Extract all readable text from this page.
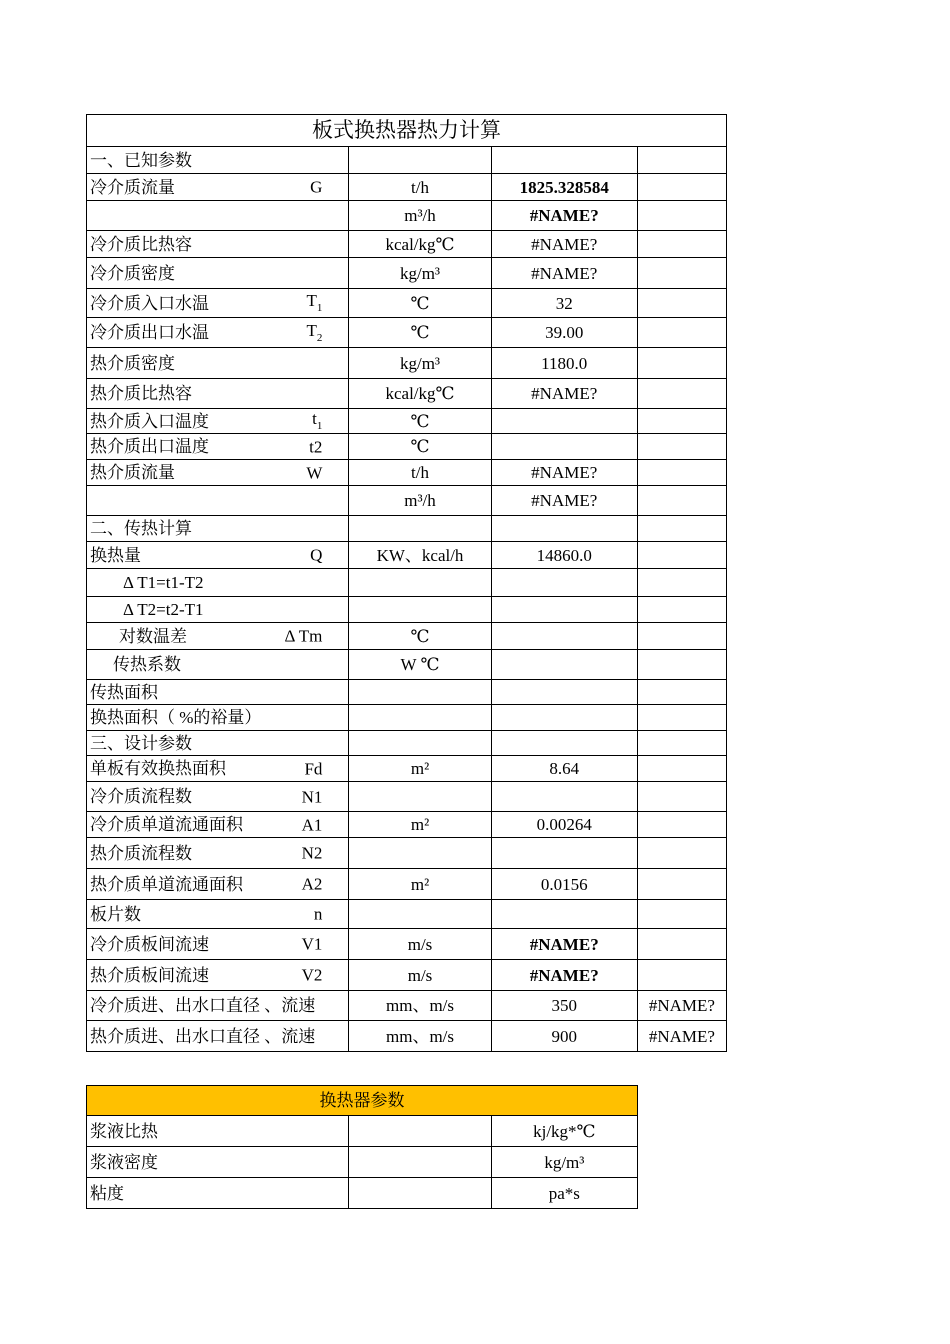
板式换热器热力计算			
一、已知参数			
冷介质流量 G	t/h	1825.328584	
	m³/h	#NAME?	
冷介质比热容	kcal/kg℃	#NAME?	
冷介质密度	kg/m³	#NAME?	
冷介质入口水温 $T_1$	℃	32	
冷介质出口水温 $T_2$	℃	39.00	
热介质密度	kg/m³	1180.0	
热介质比热容	kcal/kg℃	#NAME?	
热介质入口温度 $t_1$	℃		
热介质出口温度 t2	℃		
热介质流量 W	t/h	#NAME?	
	m³/h	#NAME?	
二、传热计算			
换热量 Q	KW、kcal/h	14860.0	
Δ T1=t1-T2			
Δ T2=t2-T1			
对数温差 Δ Tm	℃		
传热系数	W ℃		
传热面积			
换热面积（ %的裕量）			
三、设计参数			
单板有效换热面积 Fd	m²	8.64	
冷介质流程数 N1			

冷介质单道流通面积 A1	m²	0.00264	
热介质流程数 N2			

热介质单道流通面积 A2	m²	0.0156	
板片数 n			

冷介质板间流速 V1	m/s	#NAME?	
热介质板间流速 V2	m/s	#NAME?	
冷介质进、出水口直径 、流速	mm、m/s	350	#NAME?
热介质进、出水口直径 、流速	mm、m/s	900	#NAME?
换热器参数		
浆液比热		kj/kg*℃
浆液密度		kg/m³
粘度		pa*s
